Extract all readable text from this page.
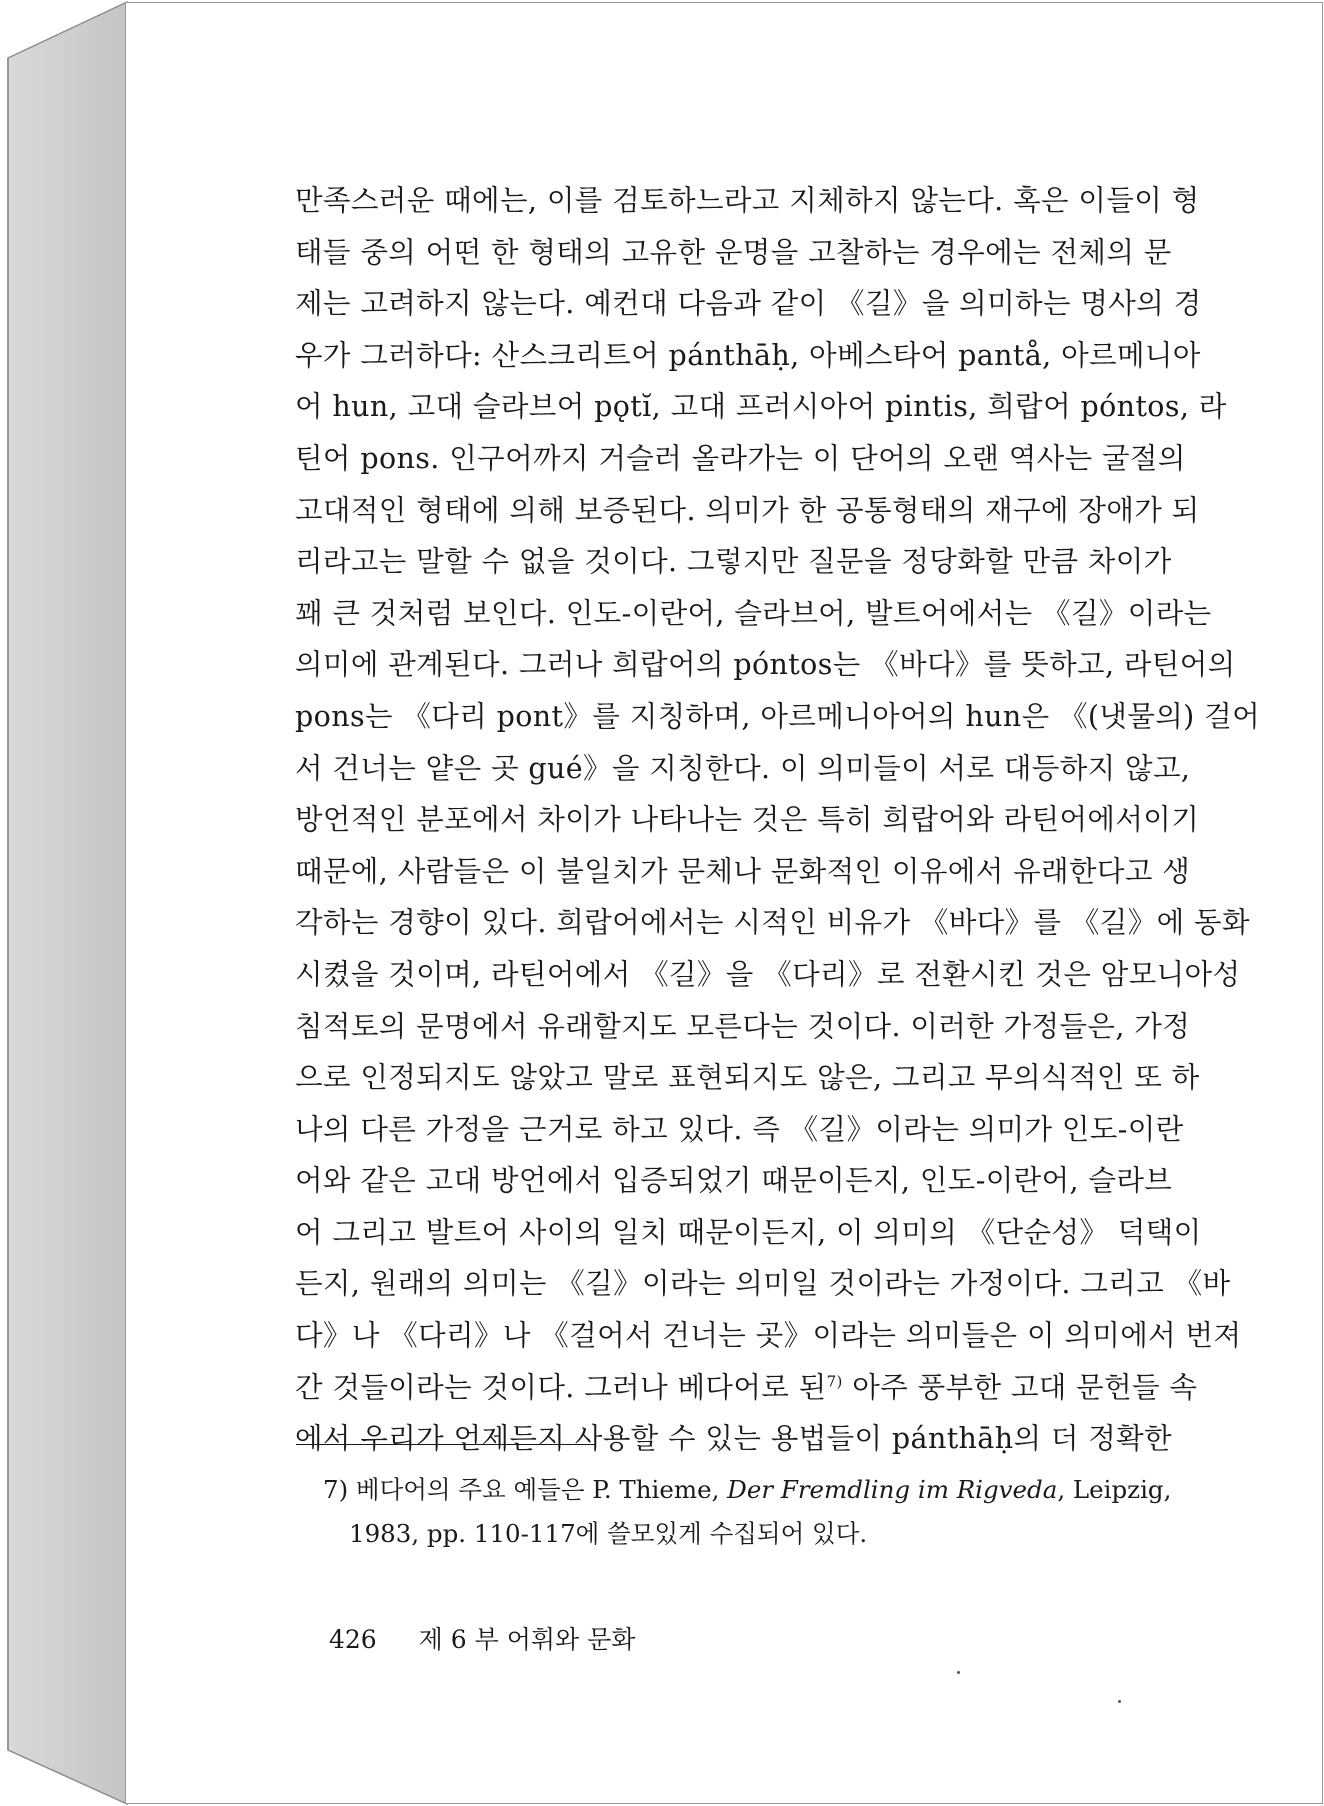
만족스러운 때에는, 이를 검토하느라고 지체하지 않는다. 혹은 이들이 형
태들 중의 어떤 한 형태의 고유한 운명을 고찰하는 경우에는 전체의 문
제는 고려하지 않는다. 예컨대 다음과 같이 《길》을 의미하는 명사의 경
우가 그러하다: 산스크리트어 pánthāḥ, 아베스타어 pantå, 아르메니아
어 hun, 고대 슬라브어 pǫtĭ, 고대 프러시아어 pintis, 희랍어 pόntos, 라
틴어 pons. 인구어까지 거슬러 올라가는 이 단어의 오랜 역사는 굴절의
고대적인 형태에 의해 보증된다. 의미가 한 공통형태의 재구에 장애가 되
리라고는 말할 수 없을 것이다. 그렇지만 질문을 정당화할 만큼 차이가
꽤 큰 것처럼 보인다. 인도-이란어, 슬라브어, 발트어에서는 《길》이라는
의미에 관계된다. 그러나 희랍어의 pόntos는 《바다》를 뜻하고, 라틴어의
pons는 《다리 pont》를 지칭하며, 아르메니아어의 hun은 《(냇물의) 걸어
서 건너는 얕은 곳 gué》을 지칭한다. 이 의미들이 서로 대등하지 않고,
방언적인 분포에서 차이가 나타나는 것은 특히 희랍어와 라틴어에서이기
때문에, 사람들은 이 불일치가 문체나 문화적인 이유에서 유래한다고 생
각하는 경향이 있다. 희랍어에서는 시적인 비유가 《바다》를 《길》에 동화
시켰을 것이며, 라틴어에서 《길》을 《다리》로 전환시킨 것은 암모니아성
침적토의 문명에서 유래할지도 모른다는 것이다. 이러한 가정들은, 가정
으로 인정되지도 않았고 말로 표현되지도 않은, 그리고 무의식적인 또 하
나의 다른 가정을 근거로 하고 있다. 즉 《길》이라는 의미가 인도-이란
어와 같은 고대 방언에서 입증되었기 때문이든지, 인도-이란어, 슬라브
어 그리고 발트어 사이의 일치 때문이든지, 이 의미의 《단순성》 덕택이
든지, 원래의 의미는 《길》이라는 의미일 것이라는 가정이다. 그리고 《바
다》나 《다리》나 《걸어서 건너는 곳》이라는 의미들은 이 의미에서 번져
간 것들이라는 것이다. 그러나 베다어로 된$^{7)}$ 아주 풍부한 고대 문헌들 속
에서 우리가 언제든지 사용할 수 있는 용법들이 pánthāḥ의 더 정확한
7) 베다어의 주요 예들은 P. Thieme, Der Fremdling im Rigveda, Leipzig,
1983, pp. 110-117에 쓸모있게 수집되어 있다.
426 제 6 부 어휘와 문화
